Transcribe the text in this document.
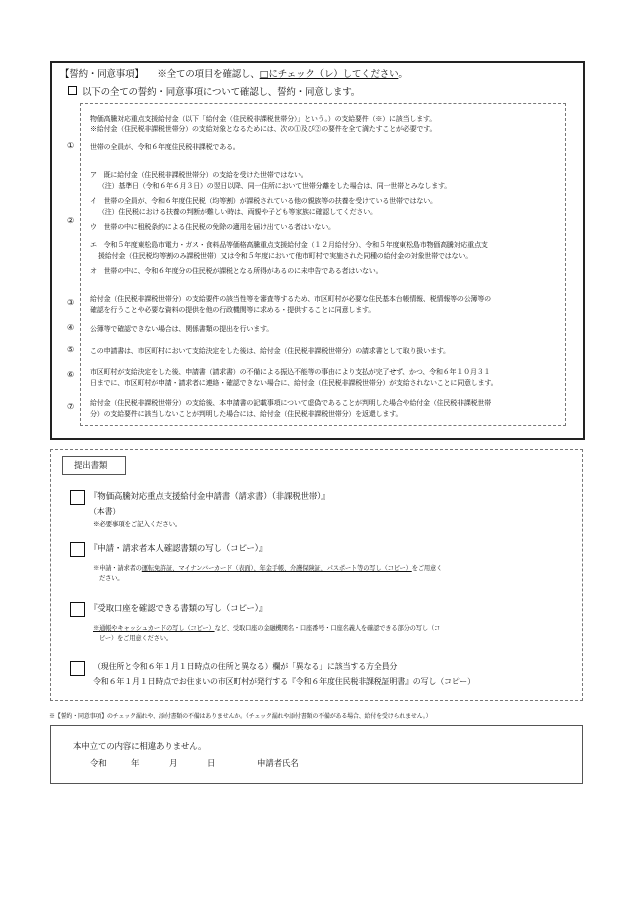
【誓約・同意事項】 ※全ての項目を確認し、□にチェック（レ）してください。
以下の全ての誓約・同意事項について確認し、誓約・同意します。
物価高騰対応重点支援給付金（以下「給付金（住民税非課税世帯分）」という。）の支給要件（※）に該当します。
※給付金（住民税非課税世帯分）の支給対象となるためには、次の①及び②の要件を全て満たすことが必要です。
① 世帯の全員が、令和６年度住民税非課税である。
②
ア　既に給付金（住民税非課税世帯分）の支給を受けた世帯ではない。
（注）基準日（令和６年６月３日）の翌日以降、同一住所において世帯分離をした場合は、同一世帯とみなします。
イ　世帯の全員が、令和６年度住民税（均等割）が課税されている他の親族等の扶養を受けている世帯ではない。
（注）住民税における扶養の判断が難しい時は、両親や子ども等家族に確認してください。
ウ　世帯の中に租税条約による住民税の免除の適用を届け出ている者はいない。
エ　令和５年度東松島市電力・ガス・食料品等価格高騰重点支援給付金（１２月給付分）、令和５年度東松島市物価高騰対応重点支
援給付金（住民税均等割のみ課税世帯）又は令和５年度において他市町村で実施された同種の給付金の対象世帯ではない。
オ　世帯の中に、令和６年度分の住民税が課税となる所得があるのに未申告である者はいない。
③ 給付金（住民税非課税世帯分）の支給要件の該当性等を審査等するため、市区町村が必要な住民基本台帳情報、税情報等の公簿等の
確認を行うことや必要な資料の提供を他の行政機関等に求める・提供することに同意します。
④ 公簿等で確認できない場合は、関係書類の提出を行います。
⑤ この申請書は、市区町村において支給決定をした後は、給付金（住民税非課税世帯分）の請求書として取り扱います。
⑥ 市区町村が支給決定をした後、申請書（請求書）の不備による振込不能等の事由により支払が完了せず、かつ、令和６年１０月３１
日までに、市区町村が申請・請求者に連絡・確認できない場合に、給付金（住民税非課税世帯分）が支給されないことに同意します。
⑦ 給付金（住民税非課税世帯分）の支給後、本申請書の記載事項について虚偽であることが判明した場合や給付金（住民税非課税世帯
分）の支給要件に該当しないことが判明した場合には、給付金（住民税非課税世帯分）を返還します。
提出書類
『物価高騰対応重点支援給付金申請書（請求書）（非課税世帯）』
（本書）
※必要事項をご記入ください。
『申請・請求者本人確認書類の写し（コピー）』
※申請・請求者の運転免許証、マイナンバーカード（表面）、年金手帳、介護保険証、パスポート等の写し（コピー）をご用意く
ださい。
『受取口座を確認できる書類の写し（コピー）』
※通帳やキャッシュカードの写し（コピー）など、受取口座の金融機関名・口座番号・口座名義人を確認できる部分の写し（コ
ピー）をご用意ください。
（現住所と令和６年１月１日時点の住所と異なる）欄が「異なる」に該当する方全員分
令和６年１月１日時点でお住まいの市区町村が発行する『令和６年度住民税非課税証明書』の写し（コピー）
※【誓約・同意事項】のチェック漏れや、添付書類の不備はありませんか。（チェック漏れや添付書類の不備がある場合、給付を受けられません。）
本申立ての内容に相違ありません。
令和	年	月	日	申請者氏名
